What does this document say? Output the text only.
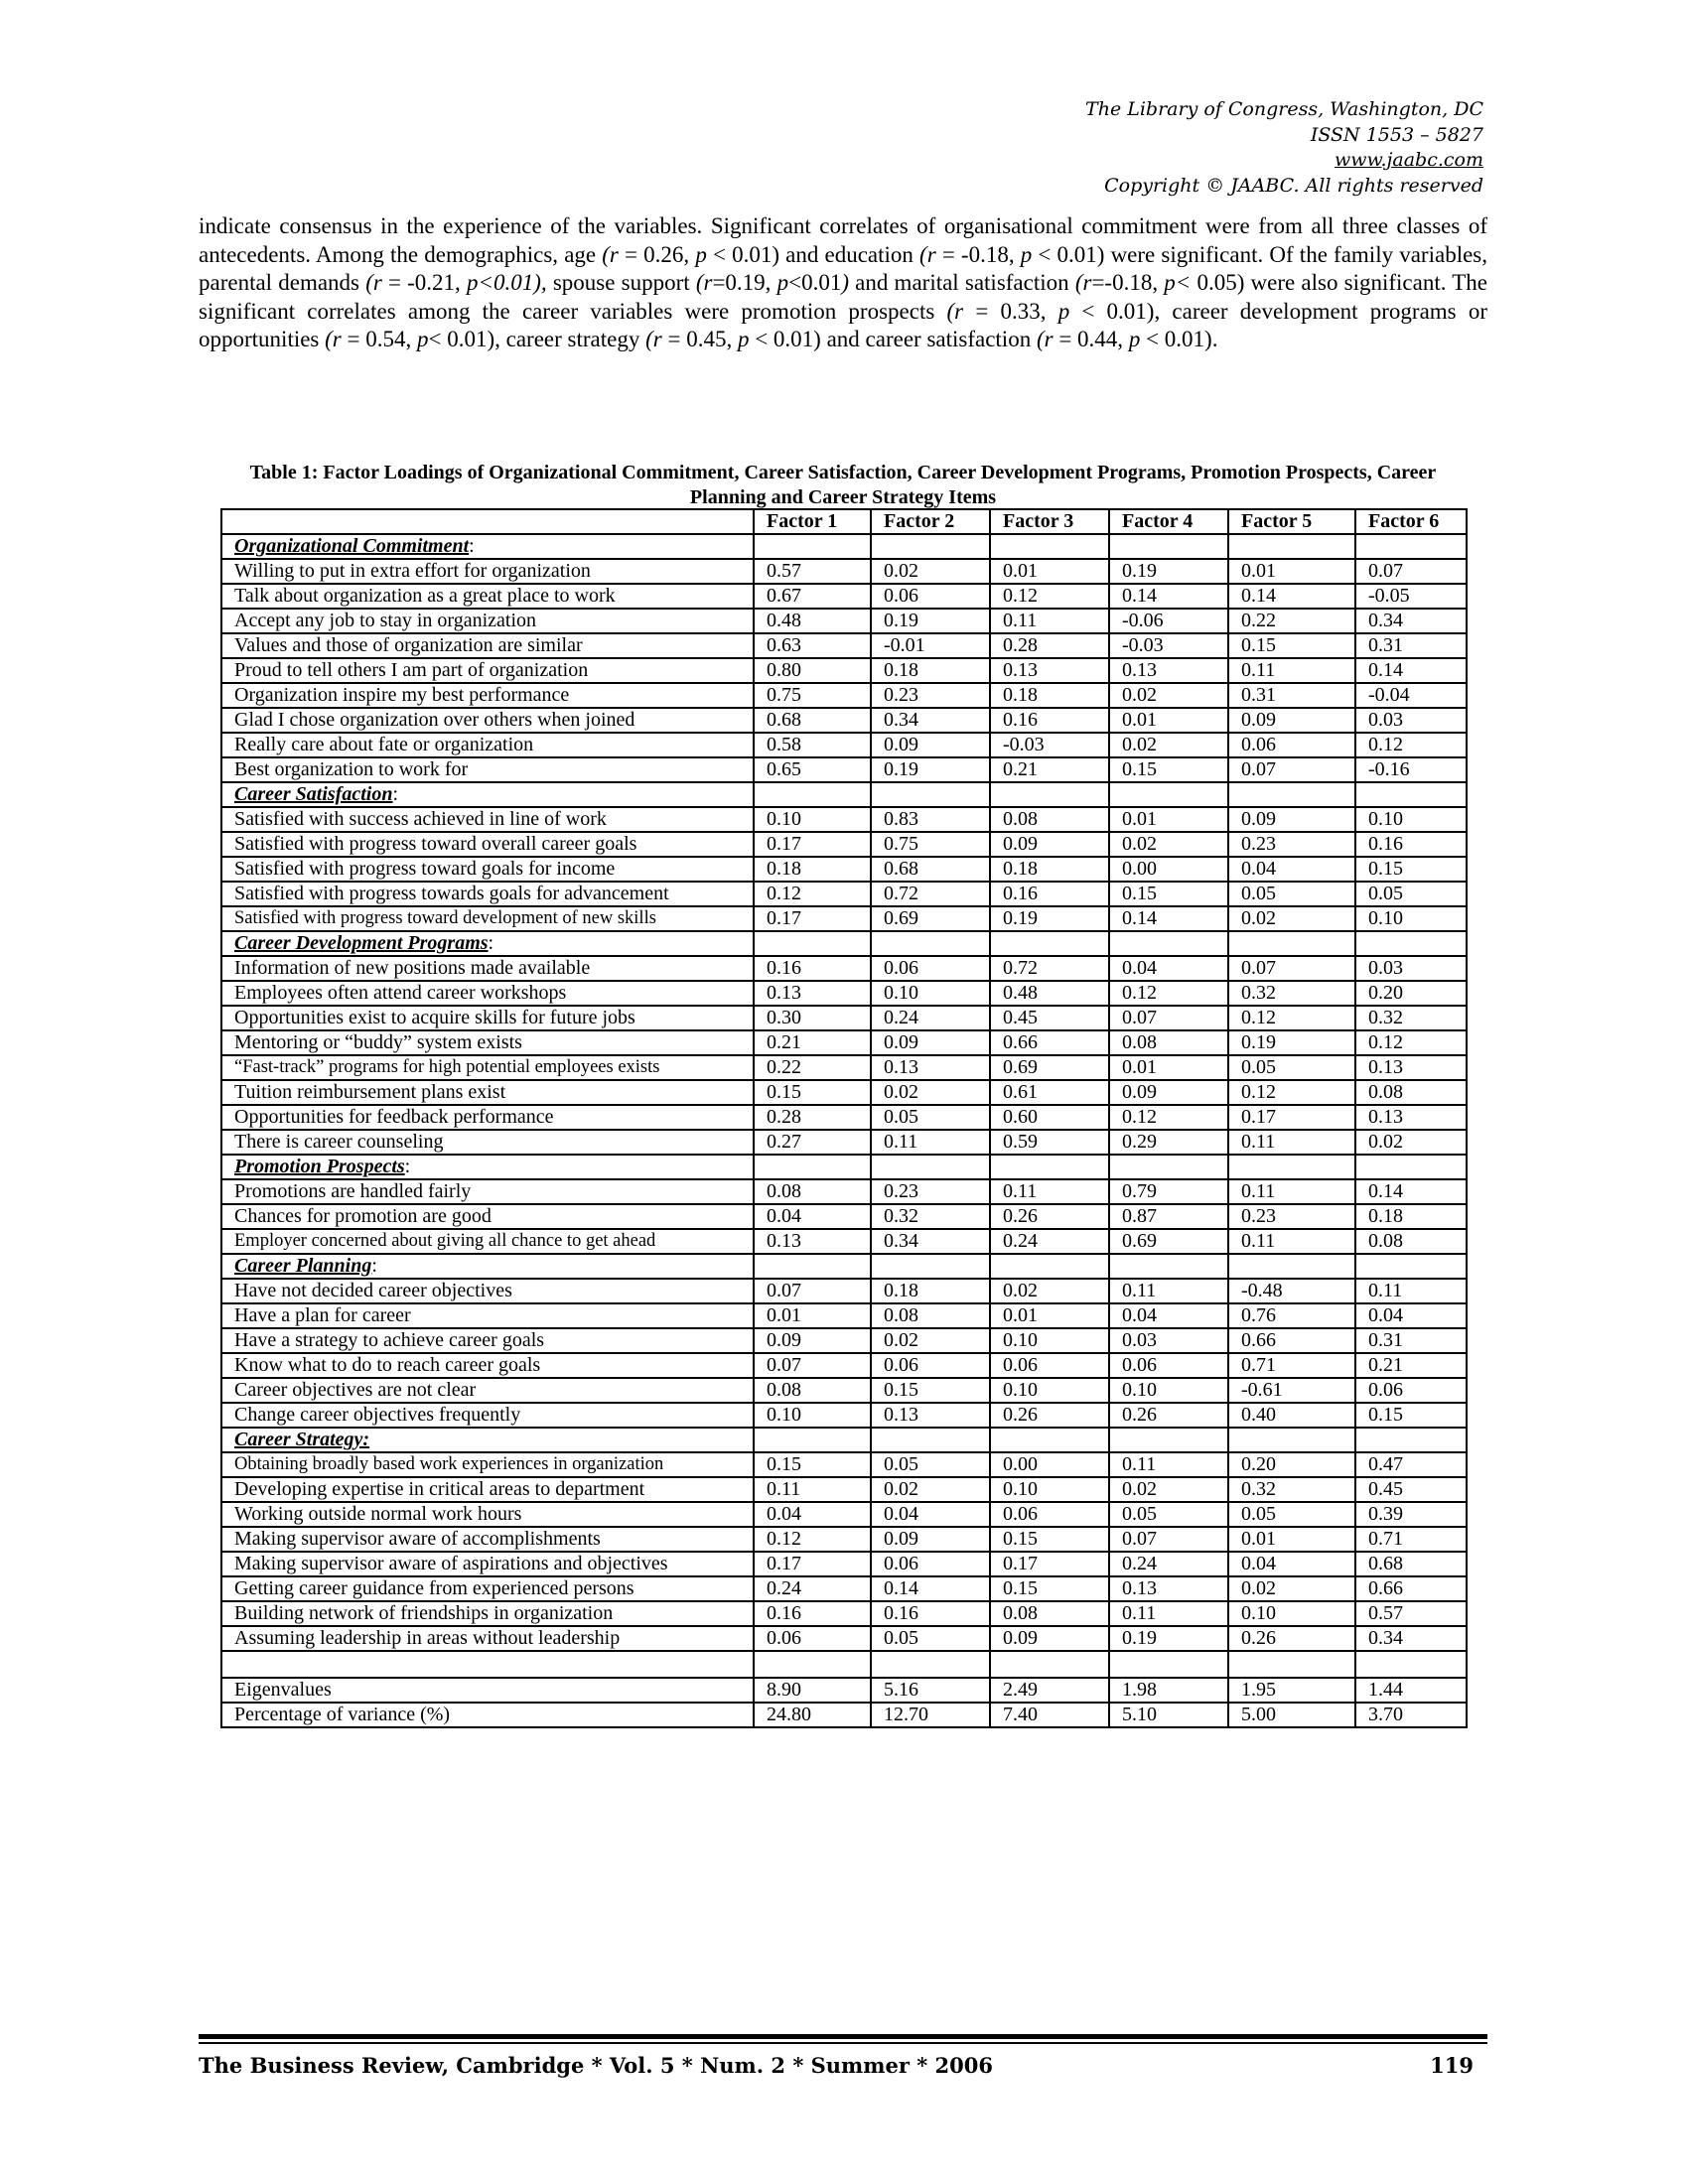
The Library of Congress, Washington, DC
ISSN 1553 – 5827
www.jaabc.com
Copyright © JAABC. All rights reserved
indicate consensus in the experience of the variables. Significant correlates of organisational commitment were from all three classes of antecedents. Among the demographics, age (r = 0.26, p < 0.01) and education (r = -0.18, p < 0.01) were significant. Of the family variables, parental demands (r = -0.21, p<0.01), spouse support (r=0.19, p<0.01) and marital satisfaction (r=-0.18, p< 0.05) were also significant. The significant correlates among the career variables were promotion prospects (r = 0.33, p < 0.01), career development programs or opportunities (r = 0.54, p< 0.01), career strategy (r = 0.45, p < 0.01) and career satisfaction (r = 0.44, p < 0.01).
Table 1: Factor Loadings of Organizational Commitment, Career Satisfaction, Career Development Programs, Promotion Prospects, Career Planning and Career Strategy Items
	Factor 1	Factor 2	Factor 3	Factor 4	Factor 5	Factor 6
Organizational Commitment:						
Willing to put in extra effort for organization	0.57	0.02	0.01	0.19	0.01	0.07
Talk about organization as a great place to work	0.67	0.06	0.12	0.14	0.14	-0.05
Accept any job to stay in organization	0.48	0.19	0.11	-0.06	0.22	0.34
Values and those of organization are similar	0.63	-0.01	0.28	-0.03	0.15	0.31
Proud to tell others I am part of organization	0.80	0.18	0.13	0.13	0.11	0.14
Organization inspire my best performance	0.75	0.23	0.18	0.02	0.31	-0.04
Glad I chose organization over others when joined	0.68	0.34	0.16	0.01	0.09	0.03
Really care about fate or organization	0.58	0.09	-0.03	0.02	0.06	0.12
Best organization to work for	0.65	0.19	0.21	0.15	0.07	-0.16
Career Satisfaction:						
Satisfied with success achieved in line of work	0.10	0.83	0.08	0.01	0.09	0.10
Satisfied with progress toward overall career goals	0.17	0.75	0.09	0.02	0.23	0.16
Satisfied with progress toward goals for income	0.18	0.68	0.18	0.00	0.04	0.15
Satisfied with progress towards goals for advancement	0.12	0.72	0.16	0.15	0.05	0.05
Satisfied with progress toward development of new skills	0.17	0.69	0.19	0.14	0.02	0.10
Career Development Programs:						
Information of new positions made available	0.16	0.06	0.72	0.04	0.07	0.03
Employees often attend career workshops	0.13	0.10	0.48	0.12	0.32	0.20
Opportunities exist to acquire skills for future jobs	0.30	0.24	0.45	0.07	0.12	0.32
Mentoring or “buddy” system exists	0.21	0.09	0.66	0.08	0.19	0.12
“Fast-track” programs for high potential employees exists	0.22	0.13	0.69	0.01	0.05	0.13
Tuition reimbursement plans exist	0.15	0.02	0.61	0.09	0.12	0.08
Opportunities for feedback performance	0.28	0.05	0.60	0.12	0.17	0.13
There is career counseling	0.27	0.11	0.59	0.29	0.11	0.02
Promotion Prospects:						
Promotions are handled fairly	0.08	0.23	0.11	0.79	0.11	0.14
Chances for promotion are good	0.04	0.32	0.26	0.87	0.23	0.18
Employer concerned about giving all chance to get ahead	0.13	0.34	0.24	0.69	0.11	0.08
Career Planning:						
Have not decided career objectives	0.07	0.18	0.02	0.11	-0.48	0.11
Have a plan for career	0.01	0.08	0.01	0.04	0.76	0.04
Have a strategy to achieve career goals	0.09	0.02	0.10	0.03	0.66	0.31
Know what to do to reach career goals	0.07	0.06	0.06	0.06	0.71	0.21
Career objectives are not clear	0.08	0.15	0.10	0.10	-0.61	0.06
Change career objectives frequently	0.10	0.13	0.26	0.26	0.40	0.15
Career Strategy:						
Obtaining broadly based work experiences in organization	0.15	0.05	0.00	0.11	0.20	0.47
Developing expertise in critical areas to department	0.11	0.02	0.10	0.02	0.32	0.45
Working outside normal work hours	0.04	0.04	0.06	0.05	0.05	0.39
Making supervisor aware of accomplishments	0.12	0.09	0.15	0.07	0.01	0.71
Making supervisor aware of aspirations and objectives	0.17	0.06	0.17	0.24	0.04	0.68
Getting career guidance from experienced persons	0.24	0.14	0.15	0.13	0.02	0.66
Building network of friendships in organization	0.16	0.16	0.08	0.11	0.10	0.57
Assuming leadership in areas without leadership	0.06	0.05	0.09	0.19	0.26	0.34

Eigenvalues	8.90	5.16	2.49	1.98	1.95	1.44
Percentage of variance (%)	24.80	12.70	7.40	5.10	5.00	3.70
The Business Review, Cambridge * Vol. 5 * Num. 2 * Summer * 2006	119
